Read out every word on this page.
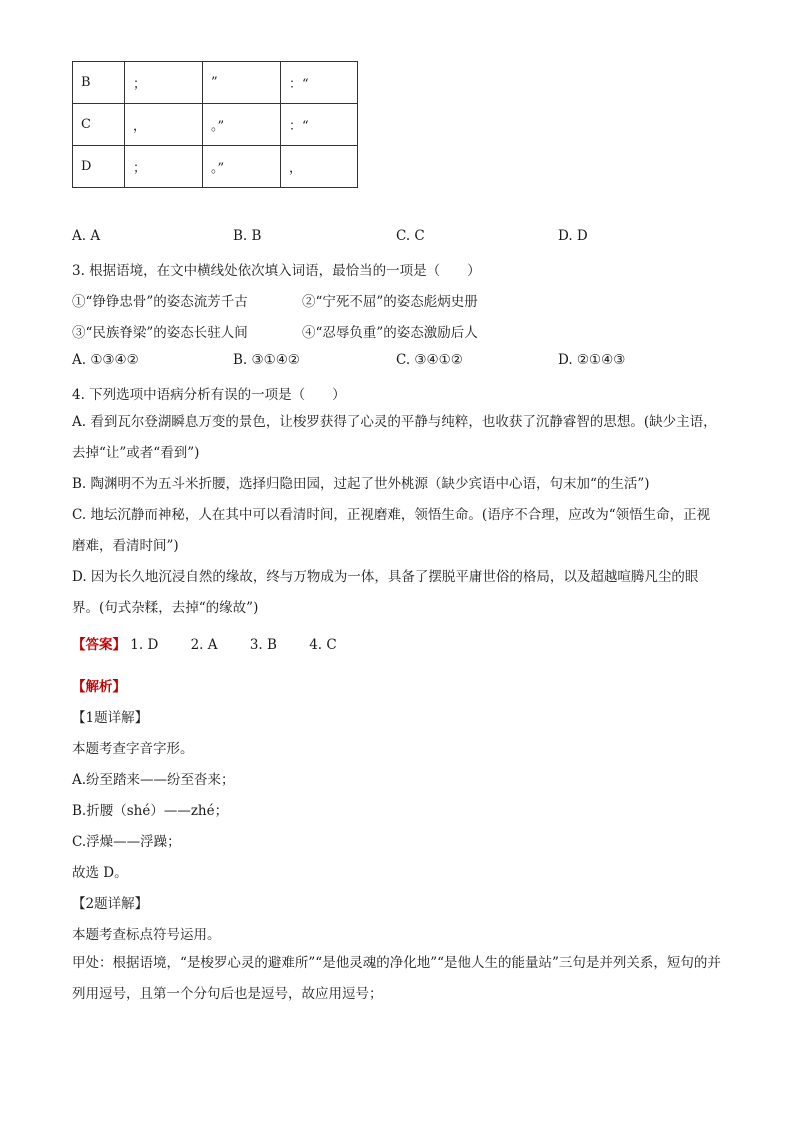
B	；	”	：“
C	，	。”	：“
D	；	。”	，
A. A	B. B	C. C	D. D
3. 根据语境，在文中横线处依次填入词语，最恰当的一项是（　　）
①“铮铮忠骨”的姿态流芳千古	②“宁死不屈”的姿态彪炳史册
③“民族脊梁”的姿态长驻人间	④“忍辱负重”的姿态激励后人
A. ①③④②	B. ③①④②	C. ③④①②	D. ②①④③
4. 下列选项中语病分析有误的一项是（　　）
A. 看到瓦尔登湖瞬息万变的景色，让梭罗获得了心灵的平静与纯粹，也收获了沉静睿智的思想。(缺少主语，去掉“让”或者“看到”)
B. 陶渊明不为五斗米折腰，选择归隐田园，过起了世外桃源（缺少宾语中心语，句末加“的生活”)
C. 地坛沉静而神秘，人在其中可以看清时间，正视磨难，领悟生命。(语序不合理，应改为“领悟生命，正视磨难，看清时间”)
D. 因为长久地沉浸自然的缘故，终与万物成为一体，具备了摆脱平庸世俗的格局，以及超越喧腾凡尘的眼界。(句式杂糅，去掉“的缘故”)
【答案】 1. D 2. A 3. B 4. C
【解析】
【1题详解】
本题考查字音字形。
A.纷至踏来——纷至沓来；
B.折腰（shé）——zhé；
C.浮燥——浮躁；
故选 D。
【2题详解】
本题考查标点符号运用。
甲处：根据语境，“是梭罗心灵的避难所”“是他灵魂的净化地”“是他人生的能量站”三句是并列关系，短句的并列用逗号，且第一个分句后也是逗号，故应用逗号；
